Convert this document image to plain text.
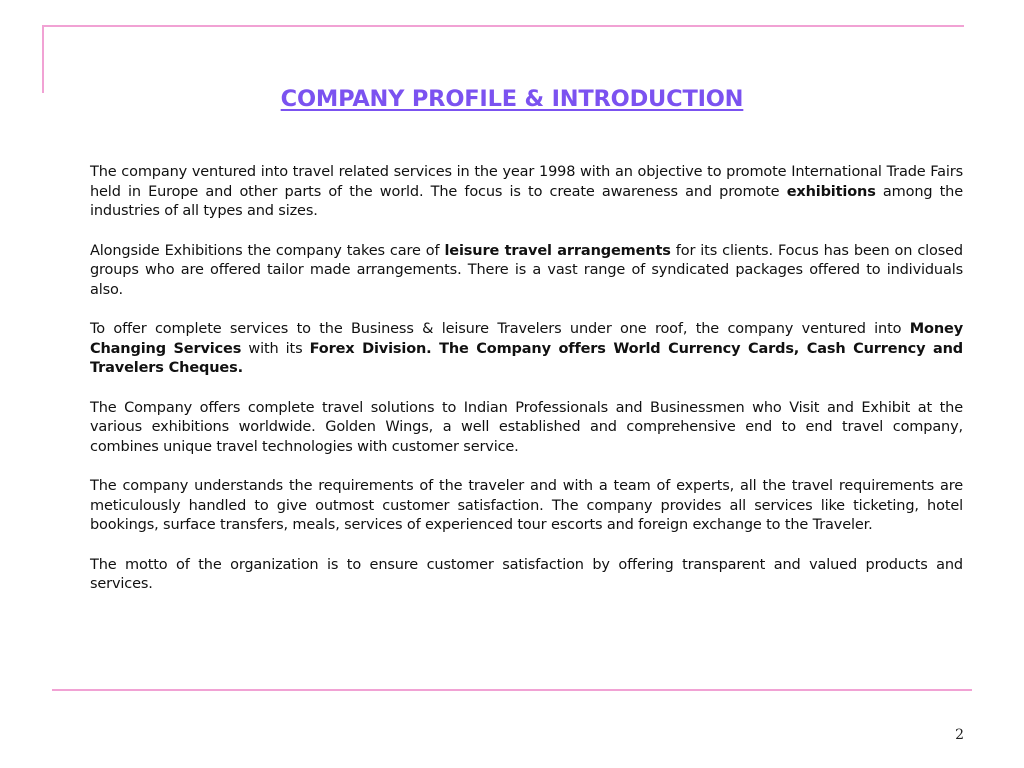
COMPANY PROFILE & INTRODUCTION

The company ventured into travel related services in the year 1998 with an objective to promote International Trade Fairs held in Europe and other parts of the world. The focus is to create awareness and promote exhibitions among the industries of all types and sizes.

Alongside Exhibitions the company takes care of leisure travel arrangements for its clients. Focus has been on closed groups who are offered tailor made arrangements. There is a vast range of syndicated packages offered to individuals also.

To offer complete services to the Business & leisure Travelers under one roof, the company ventured into Money Changing Services with its Forex Division. The Company offers World Currency Cards, Cash Currency and Travelers Cheques.

The Company offers complete travel solutions to Indian Professionals and Businessmen who Visit and Exhibit at the various exhibitions worldwide. Golden Wings, a well established and comprehensive end to end travel company, combines unique travel technologies with customer service.

The company understands the requirements of the traveler and with a team of experts, all the travel requirements are meticulously handled to give outmost customer satisfaction. The company provides all services like ticketing, hotel bookings, surface transfers, meals, services of experienced tour escorts and foreign exchange to the Traveler.

The motto of the organization is to ensure customer satisfaction by offering transparent and valued products and services.

2
